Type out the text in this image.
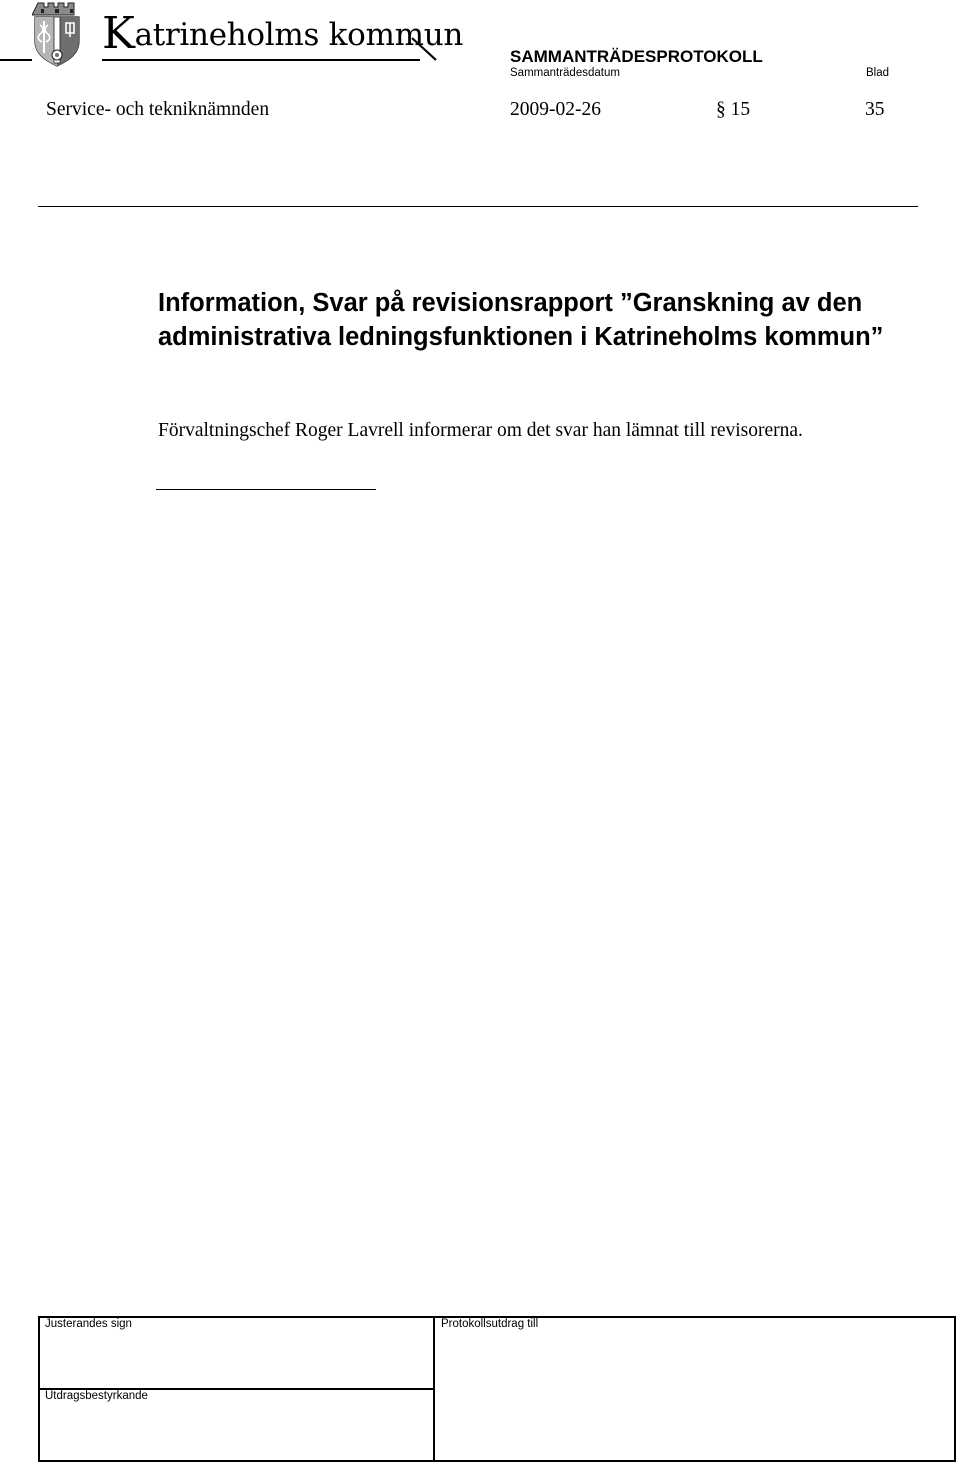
Katrineholms kommun
SAMMANTRÄDESPROTOKOLL
Sammanträdesdatum	Blad
Service- och tekniknämnden	2009-02-26	§ 15	35
Information, Svar på revisionsrapport ”Granskning av den administrativa ledningsfunktionen i Katrineholms kommun”
Förvaltningschef Roger Lavrell informerar om det svar han lämnat till revisorerna.
Justerandes sign	Protokollsutdrag till
Utdragsbestyrkande
